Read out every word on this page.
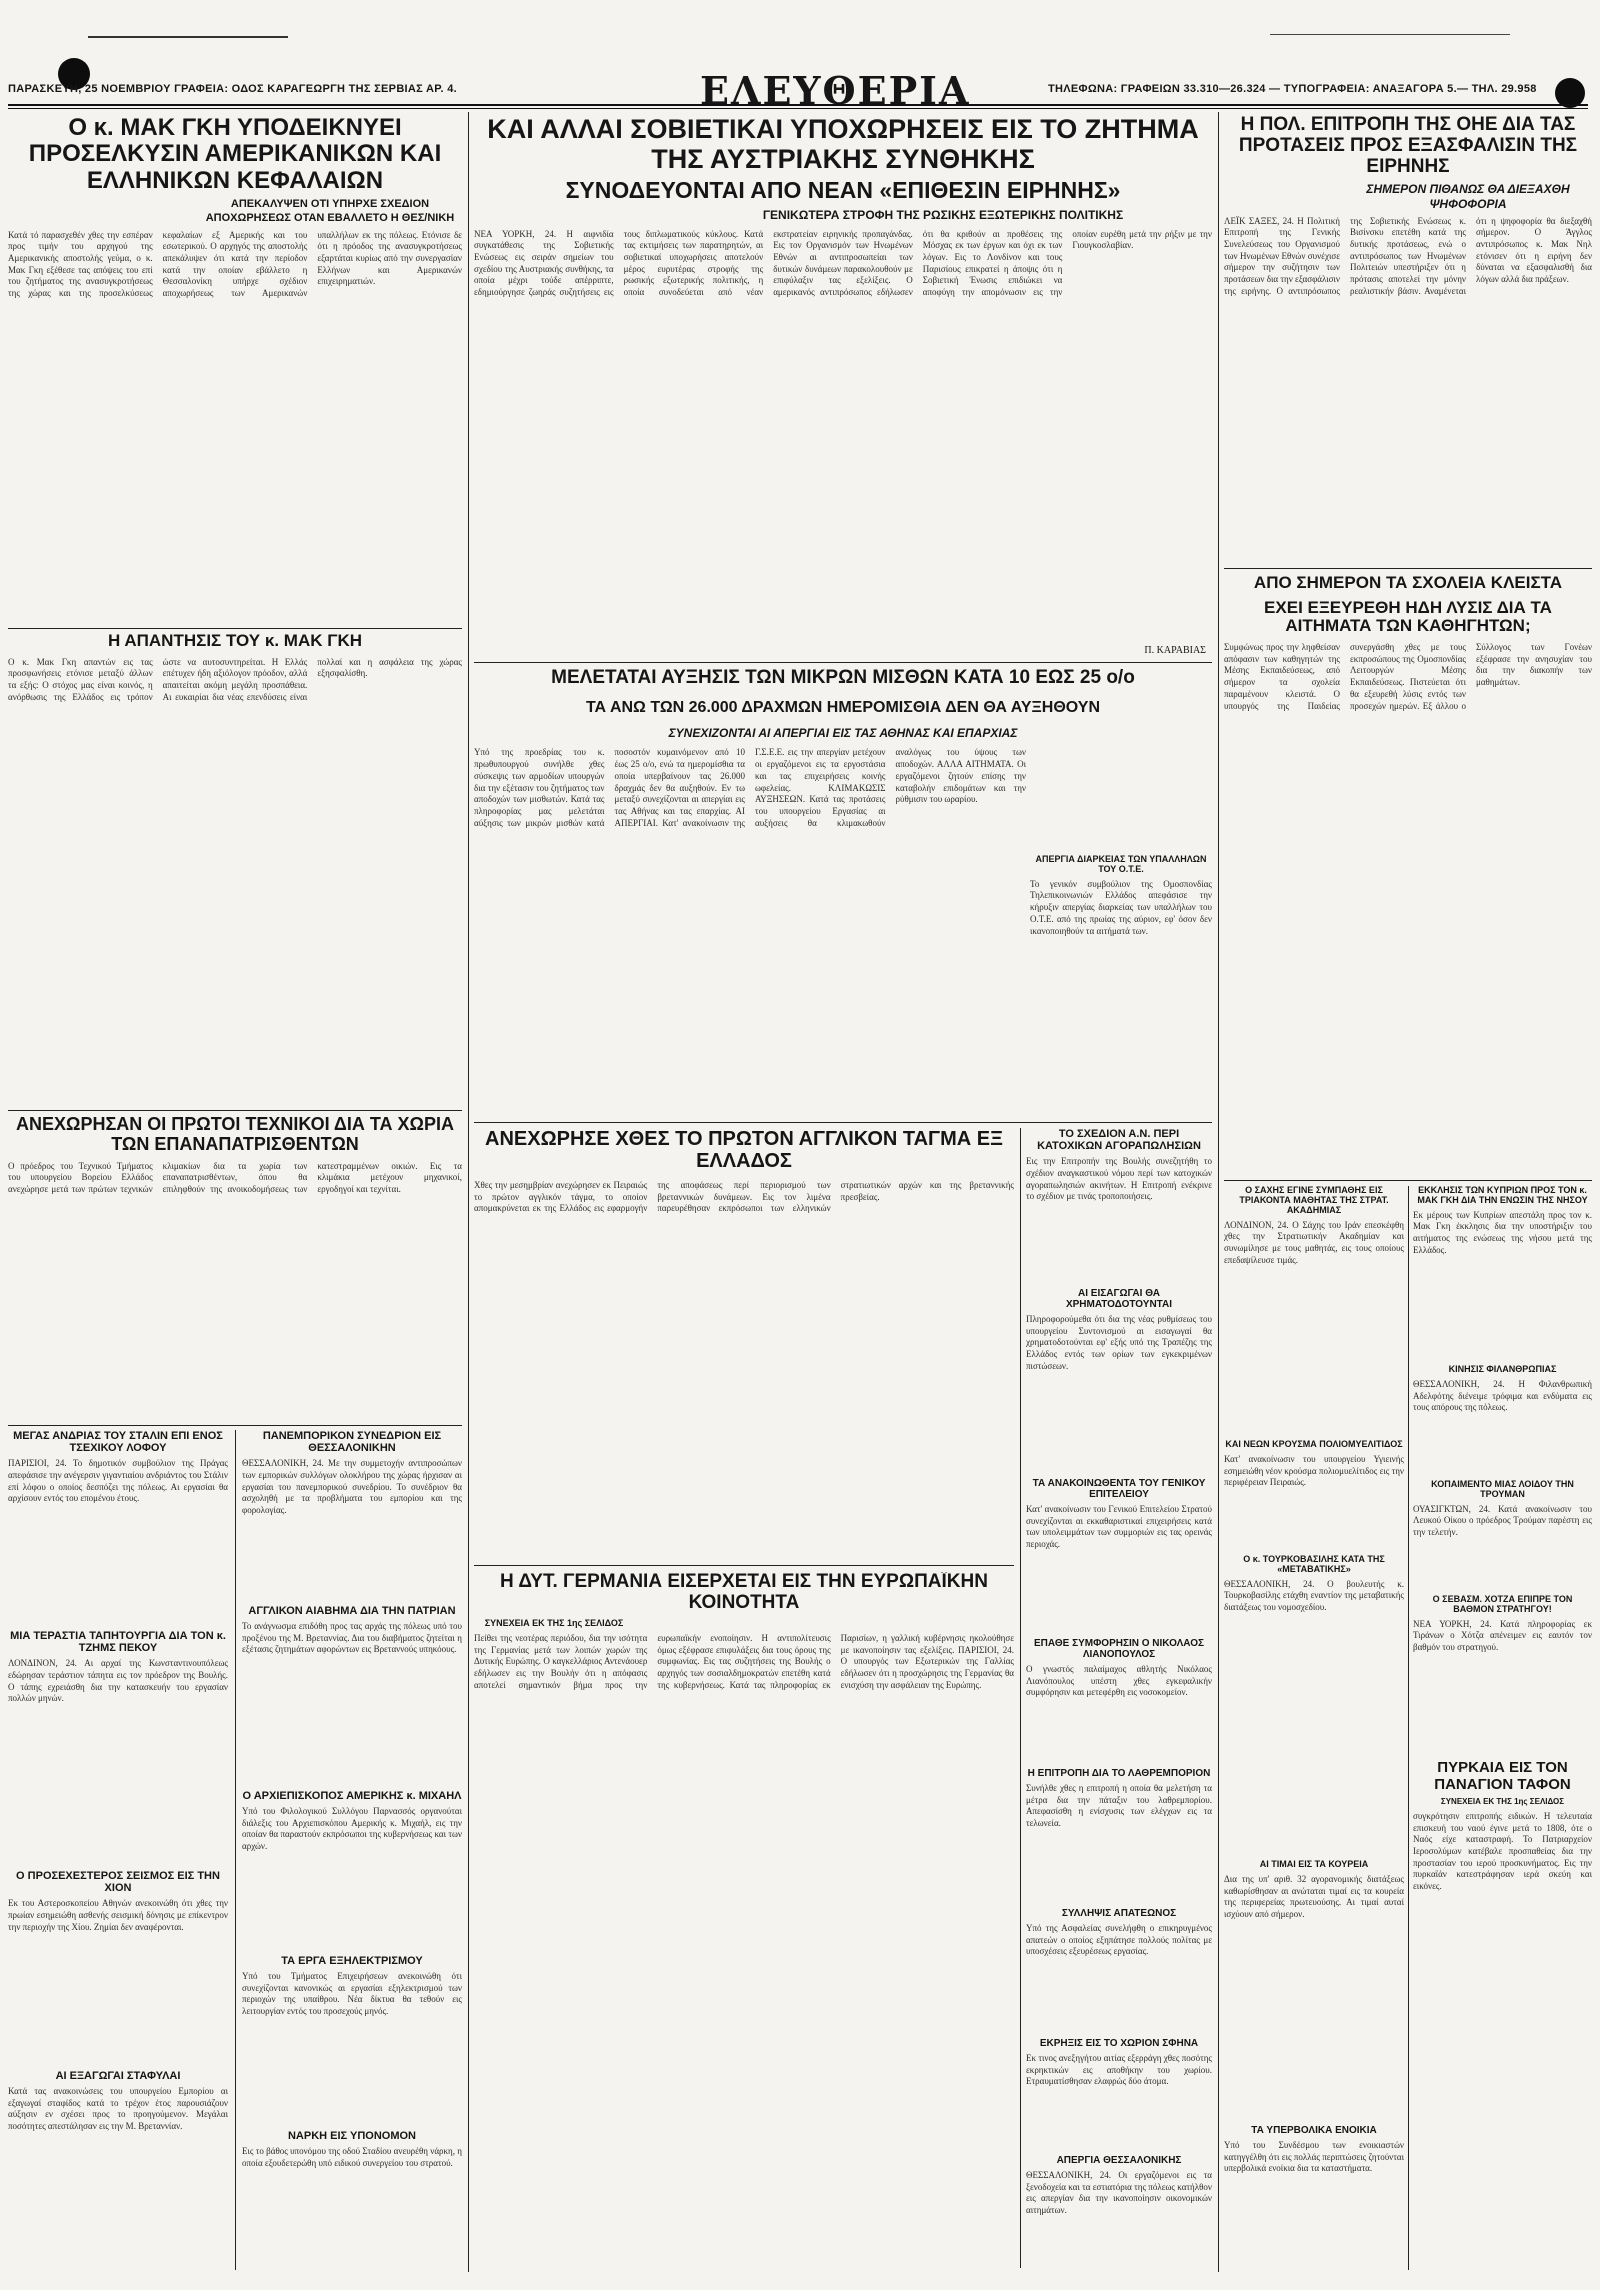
ΠΑΡΑΣΚΕΥΗ, 25 ΝΟΕΜΒΡΙΟΥ ΓΡΑΦΕΙΑ: ΟΔΟΣ ΚΑΡΑΓΕΩΡΓΗ ΤΗΣ ΣΕΡΒΙΑΣ ΑΡ. 4.	ΕΛΕΥΘΕΡΙΑ	ΤΗΛΕΦΩΝΑ: ΓΡΑΦΕΙΩΝ 33.310—26.324 — ΤΥΠΟΓΡΑΦΕΙΑ: ΑΝΑΞΑΓΟΡΑ 5.— ΤΗΛ. 29.958
Ο κ. ΜΑΚ ΓΚΗ ΥΠΟΔΕΙΚΝΥΕΙ ΠΡΟΣΕΛΚΥΣΙΝ ΑΜΕΡΙΚΑΝΙΚΩΝ ΚΑΙ ΕΛΛΗΝΙΚΩΝ ΚΕΦΑΛΑΙΩΝ
ΑΠΕΚΑΛΥΨΕΝ ΟΤΙ ΥΠΗΡΧΕ ΣΧΕΔΙΟΝ ΑΠΟΧΩΡΗΣΕΩΣ ΟΤΑΝ ΕΒΑΛΛΕΤΟ Η ΘΕΣ/ΝΙΚΗ

Κατά τό παρασχεθέν χθες την εσπέραν προς τιμήν του αρχηγού της Αμερικανικής αποστολής γεύμα, ο κ. Μακ Γκη εξέθεσε τας απόψεις του επί του ζητήματος της ανασυγκροτήσεως της χώρας και της προσελκύσεως κεφαλαίων εξ Αμερικής και του εσωτερικού. Ο αρχηγός της αποστολής απεκάλυψεν ότι κατά την περίοδον κατά την οποίαν εβάλλετο η Θεσσαλονίκη υπήρχε σχέδιον αποχωρήσεως των Αμερικανών υπαλλήλων εκ της πόλεως. Ετόνισε δε ότι η πρόοδος της ανασυγκροτήσεως εξαρτάται κυρίως από την συνεργασίαν Ελλήνων και Αμερικανών επιχειρηματιών.

Η ΑΠΑΝΤΗΣΙΣ ΤΟΥ κ. ΜΑΚ ΓΚΗ

Ο κ. Μακ Γκη απαντών εις τας προσφωνήσεις ετόνισε μεταξύ άλλων τα εξής: Ο στόχος μας είναι κοινός, η ανόρθωσις της Ελλάδος εις τρόπον ώστε να αυτοσυντηρείται. Η Ελλάς επέτυχεν ήδη αξιόλογον πρόοδον, αλλά απαιτείται ακόμη μεγάλη προσπάθεια. Αι ευκαιρίαι δια νέας επενδύσεις είναι πολλαί και η ασφάλεια της χώρας εξησφαλίσθη.

ΑΝΕΧΩΡΗΣΑΝ ΟΙ ΠΡΩΤΟΙ ΤΕΧΝΙΚΟΙ ΔΙΑ ΤΑ ΧΩΡΙΑ ΤΩΝ ΕΠΑΝΑΠΑΤΡΙΣΘΕΝΤΩΝ

Ο πρόεδρος του Τεχνικού Τμήματος του υπουργείου Βορείου Ελλάδος ανεχώρησε μετά των πρώτων τεχνικών κλιμακίων δια τα χωρία των επαναπατρισθέντων, όπου θα επιληφθούν της ανοικοδομήσεως των κατεστραμμένων οικιών. Εις τα κλιμάκια μετέχουν μηχανικοί, εργοδηγοί και τεχνίται.

ΜΕΓΑΣ ΑΝΔΡΙΑΣ ΤΟΥ ΣΤΑΛΙΝ ΕΠΙ ΕΝΟΣ ΤΣΕΧΙΚΟΥ ΛΟΦΟΥ

ΠΑΡΙΣΙΟΙ, 24. Το δημοτικόν συμβούλιον της Πράγας απεφάσισε την ανέγερσιν γιγαντιαίου ανδριάντος του Στάλιν επί λόφου ο οποίος δεσπόζει της πόλεως. Αι εργασίαι θα αρχίσουν εντός του επομένου έτους.

ΜΙΑ ΤΕΡΑΣΤΙΑ ΤΑΠΗΤΟΥΡΓΙΑ ΔΙΑ ΤΟΝ κ. ΤΖΗΜΣ ΠΕΚΟΥ

ΛΟΝΔΙΝΟΝ, 24. Αι αρχαί της Κωνσταντινουπόλεως εδώρησαν τεράστιον τάπητα εις τον πρόεδρον της Βουλής. Ο τάπης εχρειάσθη δια την κατασκευήν του εργασίαν πολλών μηνών.

Ο ΠΡΟΣΕΧΕΣΤΕΡΟΣ ΣΕΙΣΜΟΣ ΕΙΣ ΤΗΝ ΧΙΟΝ

Εκ του Αστεροσκοπείου Αθηνών ανεκοινώθη ότι χθες την πρωίαν εσημειώθη ασθενής σεισμική δόνησις με επίκεντρον την περιοχήν της Χίου. Ζημίαι δεν αναφέρονται.

ΑΙ ΕΞΑΓΩΓΑΙ ΣΤΑΦΥΛΑΙ

Κατά τας ανακοινώσεις του υπουργείου Εμπορίου αι εξαγωγαί σταφίδος κατά το τρέχον έτος παρουσιάζουν αύξησιν εν σχέσει προς το προηγούμενον. Μεγάλαι ποσότητες απεστάλησαν εις την Μ. Βρεταννίαν.

ΠΑΝΕΜΠΟΡΙΚΟΝ ΣΥΝΕΔΡΙΟΝ ΕΙΣ ΘΕΣΣΑΛΟΝΙΚΗΝ

ΘΕΣΣΑΛΟΝΙΚΗ, 24. Με την συμμετοχήν αντιπροσώπων των εμπορικών συλλόγων ολοκλήρου της χώρας ήρχισαν αι εργασίαι του πανεμπορικού συνεδρίου. Το συνέδριον θα ασχοληθή με τα προβλήματα του εμπορίου και της φορολογίας.

ΑΓΓΛΙΚΟΝ ΑΙΑΒΗΜΑ ΔΙΑ ΤΗΝ ΠΑΤΡΙΑΝ

Το ανάγνωσμα επιδόθη προς τας αρχάς της πόλεως υπό του προξένου της Μ. Βρεταννίας. Δια του διαβήματος ζητείται η εξέτασις ζητημάτων αφορώντων εις Βρεταννούς υπηκόους.

Ο ΑΡΧΙΕΠΙΣΚΟΠΟΣ ΑΜΕΡΙΚΗΣ κ. ΜΙΧΑΗΛ

Υπό του Φιλολογικού Συλλόγου Παρνασσός οργανούται διάλεξις του Αρχιεπισκόπου Αμερικής κ. Μιχαήλ, εις την οποίαν θα παραστούν εκπρόσωποι της κυβερνήσεως και των αρχών.

ΤΑ ΕΡΓΑ ΕΞΗΛΕΚΤΡΙΣΜΟΥ

Υπό του Τμήματος Επιχειρήσεων ανεκοινώθη ότι συνεχίζονται κανονικώς αι εργασίαι εξηλεκτρισμού των περιοχών της υπαίθρου. Νέα δίκτυα θα τεθούν εις λειτουργίαν εντός του προσεχούς μηνός.

ΝΑΡΚΗ ΕΙΣ ΥΠΟΝΟΜΟΝ

Εις το βάθος υπονόμου της οδού Σταδίου ανευρέθη νάρκη, η οποία εξουδετερώθη υπό ειδικού συνεργείου του στρατού.

ΚΑΙ ΑΛΛΑΙ ΣΟΒΙΕΤΙΚΑΙ ΥΠΟΧΩΡΗΣΕΙΣ ΕΙΣ ΤΟ ΖΗΤΗΜΑ ΤΗΣ ΑΥΣΤΡΙΑΚΗΣ ΣΥΝΘΗΚΗΣ
ΣΥΝΟΔΕΥΟΝΤΑΙ ΑΠΟ ΝΕΑΝ «ΕΠΙΘΕΣΙΝ ΕΙΡΗΝΗΣ»
ΓΕΝΙΚΩΤΕΡΑ ΣΤΡΟΦΗ ΤΗΣ ΡΩΣΙΚΗΣ ΕΞΩΤΕΡΙΚΗΣ ΠΟΛΙΤΙΚΗΣ

ΝΕΑ ΥΟΡΚΗ, 24. Η αιφνιδία συγκατάθεσις της Σοβιετικής Ενώσεως εις σειράν σημείων του σχεδίου της Αυστριακής συνθήκης, τα οποία μέχρι τούδε απέρριπτε, εδημιούργησε ζωηράς συζητήσεις εις τους διπλωματικούς κύκλους. Κατά τας εκτιμήσεις των παρατηρητών, αι σοβιετικαί υποχωρήσεις αποτελούν μέρος ευρυτέρας στροφής της ρωσικής εξωτερικής πολιτικής, η οποία συνοδεύεται από νέαν εκστρατείαν ειρηνικής προπαγάνδας. Εις τον Οργανισμόν των Ηνωμένων Εθνών αι αντιπροσωπείαι των δυτικών δυνάμεων παρακολουθούν με επιφύλαξιν τας εξελίξεις. Ο αμερικανός αντιπρόσωπος εδήλωσεν ότι θα κριθούν αι προθέσεις της Μόσχας εκ των έργων και όχι εκ των λόγων. Εις το Λονδίνον και τους Παρισίους επικρατεί η άποψις ότι η Σοβιετική Ένωσις επιδιώκει να αποφύγη την απομόνωσιν εις την οποίαν ευρέθη μετά την ρήξιν με την Γιουγκοσλαβίαν.

Π. ΚΑΡΑΒΙΑΣ
ΜΕΛΕΤΑΤΑΙ ΑΥΞΗΣΙΣ ΤΩΝ ΜΙΚΡΩΝ ΜΙΣΘΩΝ ΚΑΤΑ 10 ΕΩΣ 25 ο/ο
ΤΑ ΑΝΩ ΤΩΝ 26.000 ΔΡΑΧΜΩΝ ΗΜΕΡΟΜΙΣΘΙΑ ΔΕΝ ΘΑ ΑΥΞΗΘΟΥΝ
ΣΥΝΕΧΙΖΟΝΤΑΙ ΑΙ ΑΠΕΡΓΙΑΙ ΕΙΣ ΤΑΣ ΑΘΗΝΑΣ ΚΑΙ ΕΠΑΡΧΙΑΣ

Υπό της προεδρίας του κ. πρωθυπουργού συνήλθε χθες σύσκεψις των αρμοδίων υπουργών δια την εξέτασιν του ζητήματος των αποδοχών των μισθωτών. Κατά τας πληροφορίας μας μελετάται αύξησις των μικρών μισθών κατά ποσοστόν κυμαινόμενον από 10 έως 25 ο/ο, ενώ τα ημερομίσθια τα οποία υπερβαίνουν τας 26.000 δραχμάς δεν θα αυξηθούν. Εν τω μεταξύ συνεχίζονται αι απεργίαι εις τας Αθήνας και τας επαρχίας. ΑΙ ΑΠΕΡΓΙΑΙ. Κατ' ανακοίνωσιν της Γ.Σ.Ε.Ε. εις την απεργίαν μετέχουν οι εργαζόμενοι εις τα εργοστάσια και τας επιχειρήσεις κοινής ωφελείας. ΚΛΙΜΑΚΩΣΙΣ ΑΥΞΗΣΕΩΝ. Κατά τας προτάσεις του υπουργείου Εργασίας αι αυξήσεις θα κλιμακωθούν αναλόγως του ύψους των αποδοχών. ΑΛΛΑ ΑΙΤΗΜΑΤΑ. Οι εργαζόμενοι ζητούν επίσης την καταβολήν επιδομάτων και την ρύθμισιν του ωραρίου.

ΑΠΕΡΓΙΑ ΔΙΑΡΚΕΙΑΣ ΤΩΝ ΥΠΑΛΛΗΛΩΝ ΤΟΥ Ο.Τ.Ε.

Το γενικόν συμβούλιον της Ομοσπονδίας Τηλεπικοινωνιών Ελλάδος απεφάσισε την κήρυξιν απεργίας διαρκείας των υπαλλήλων του Ο.Τ.Ε. από της πρωίας της αύριον, εφ' όσον δεν ικανοποιηθούν τα αιτήματά των.

ΑΝΕΧΩΡΗΣΕ ΧΘΕΣ ΤΟ ΠΡΩΤΟΝ ΑΓΓΛΙΚΟΝ ΤΑΓΜΑ ΕΞ ΕΛΛΑΔΟΣ

Χθες την μεσημβρίαν ανεχώρησεν εκ Πειραιώς το πρώτον αγγλικόν τάγμα, το οποίον απομακρύνεται εκ της Ελλάδος εις εφαρμογήν της αποφάσεως περί περιορισμού των βρεταννικών δυνάμεων. Εις τον λιμένα παρευρέθησαν εκπρόσωποι των ελληνικών στρατιωτικών αρχών και της βρεταννικής πρεσβείας.

ΤΟ ΣΧΕΔΙΟΝ Α.Ν. ΠΕΡΙ ΚΑΤΟΧΙΚΩΝ ΑΓΟΡΑΠΩΛΗΣΙΩΝ

Εις την Επιτροπήν της Βουλής συνεζητήθη το σχέδιον αναγκαστικού νόμου περί των κατοχικών αγοραπωλησιών ακινήτων. Η Επιτροπή ενέκρινε το σχέδιον με τινάς τροποποιήσεις.

ΑΙ ΕΙΣΑΓΩΓΑΙ ΘΑ ΧΡΗΜΑΤΟΔΟΤΟΥΝΤΑΙ

Πληροφορούμεθα ότι δια της νέας ρυθμίσεως του υπουργείου Συντονισμού αι εισαγωγαί θα χρηματοδοτούνται εφ' εξής υπό της Τραπέζης της Ελλάδος εντός των ορίων των εγκεκριμένων πιστώσεων.

ΤΑ ΑΝΑΚΟΙΝΩΘΕΝΤΑ ΤΟΥ ΓΕΝΙΚΟΥ ΕΠΙΤΕΛΕΙΟΥ

Κατ' ανακοίνωσιν του Γενικού Επιτελείου Στρατού συνεχίζονται αι εκκαθαριστικαί επιχειρήσεις κατά των υπολειμμάτων των συμμοριών εις τας ορεινάς περιοχάς.

ΕΠΑΘΕ ΣΥΜΦΟΡΗΣΙΝ Ο ΝΙΚΟΛΑΟΣ ΛΙΑΝΟΠΟΥΛΟΣ

Ο γνωστός παλαίμαχος αθλητής Νικόλαος Λιανόπουλος υπέστη χθες εγκεφαλικήν συμφόρησιν και μετεφέρθη εις νοσοκομείον.

Η ΕΠΙΤΡΟΠΗ ΔΙΑ ΤΟ ΛΑΘΡΕΜΠΟΡΙΟΝ

Συνήλθε χθες η επιτροπή η οποία θα μελετήση τα μέτρα δια την πάταξιν του λαθρεμπορίου. Απεφασίσθη η ενίσχυσις των ελέγχων εις τα τελωνεία.

ΣΥΛΛΗΨΙΣ ΑΠΑΤΕΩΝΟΣ

Υπό της Ασφαλείας συνελήφθη ο επικηρυγμένος απατεών ο οποίος εξηπάτησε πολλούς πολίτας με υποσχέσεις εξευρέσεως εργασίας.

ΕΚΡΗΞΙΣ ΕΙΣ ΤΟ ΧΩΡΙΟΝ ΣΦΗΝΑ

Εκ τινος ανεξηγήτου αιτίας εξερράγη χθες ποσότης εκρηκτικών εις αποθήκην του χωρίου. Ετραυματίσθησαν ελαφρώς δύο άτομα.

ΑΠΕΡΓΙΑ ΘΕΣΣΑΛΟΝΙΚΗΣ

ΘΕΣΣΑΛΟΝΙΚΗ, 24. Οι εργαζόμενοι εις τα ξενοδοχεία και τα εστιατόρια της πόλεως κατήλθον εις απεργίαν δια την ικανοποίησιν οικονομικών αιτημάτων.

Η ΔΥΤ. ΓΕΡΜΑΝΙΑ ΕΙΣΕΡΧΕΤΑΙ ΕΙΣ ΤΗΝ ΕΥΡΩΠΑΪΚΗΝ ΚΟΙΝΟΤΗΤΑ
ΣΥΝΕΧΕΙΑ ΕΚ ΤΗΣ 1ης ΣΕΛΙΔΟΣ

Πείθει της νεοτέρας περιόδου, δια την ισότητα της Γερμανίας μετά των λοιπών χωρών της Δυτικής Ευρώπης. Ο καγκελλάριος Αντενάουερ εδήλωσεν εις την Βουλήν ότι η απόφασις αποτελεί σημαντικόν βήμα προς την ευρωπαϊκήν ενοποίησιν. Η αντιπολίτευσις όμως εξέφρασε επιφυλάξεις δια τους όρους της συμφωνίας. Εις τας συζητήσεις της Βουλής ο αρχηγός των σοσιαλδημοκρατών επετέθη κατά της κυβερνήσεως. Κατά τας πληροφορίας εκ Παρισίων, η γαλλική κυβέρνησις ηκολούθησε με ικανοποίησιν τας εξελίξεις. ΠΑΡΙΣΙΟΙ, 24. Ο υπουργός των Εξωτερικών της Γαλλίας εδήλωσεν ότι η προσχώρησις της Γερμανίας θα ενισχύση την ασφάλειαν της Ευρώπης.

Η ΠΟΛ. ΕΠΙΤΡΟΠΗ ΤΗΣ ΟΗΕ ΔΙΑ ΤΑΣ ΠΡΟΤΑΣΕΙΣ ΠΡΟΣ ΕΞΑΣΦΑΛΙΣΙΝ ΤΗΣ ΕΙΡΗΝΗΣ
ΣΗΜΕΡΟΝ ΠΙΘΑΝΩΣ ΘΑ ΔΙΕΞΑΧΘΗ ΨΗΦΟΦΟΡΙΑ

ΛΕΪΚ ΣΑΞΕΣ, 24. Η Πολιτική Επιτροπή της Γενικής Συνελεύσεως του Οργανισμού των Ηνωμένων Εθνών συνέχισε σήμερον την συζήτησιν των προτάσεων δια την εξασφάλισιν της ειρήνης. Ο αντιπρόσωπος της Σοβιετικής Ενώσεως κ. Βισίνσκυ επετέθη κατά της δυτικής προτάσεως, ενώ ο αντιπρόσωπος των Ηνωμένων Πολιτειών υπεστήριξεν ότι η πρότασις αποτελεί την μόνην ρεαλιστικήν βάσιν. Αναμένεται ότι η ψηφοφορία θα διεξαχθή σήμερον. Ο Άγγλος αντιπρόσωπος κ. Μακ Νηλ ετόνισεν ότι η ειρήνη δεν δύναται να εξασφαλισθή δια λόγων αλλά δια πράξεων.

ΑΠΟ ΣΗΜΕΡΟΝ ΤΑ ΣΧΟΛΕΙΑ ΚΛΕΙΣΤΑ
ΕΧΕΙ ΕΞΕΥΡΕΘΗ ΗΔΗ ΛΥΣΙΣ ΔΙΑ ΤΑ ΑΙΤΗΜΑΤΑ ΤΩΝ ΚΑΘΗΓΗΤΩΝ;

Συμφώνως προς την ληφθείσαν απόφασιν των καθηγητών της Μέσης Εκπαιδεύσεως, από σήμερον τα σχολεία παραμένουν κλειστά. Ο υπουργός της Παιδείας συνεργάσθη χθες με τους εκπροσώπους της Ομοσπονδίας Λειτουργών Μέσης Εκπαιδεύσεως. Πιστεύεται ότι θα εξευρεθή λύσις εντός των προσεχών ημερών. Εξ άλλου ο Σύλλογος των Γονέων εξέφρασε την ανησυχίαν του δια την διακοπήν των μαθημάτων.

Ο ΣΑΧΗΣ ΕΓΙΝΕ ΣΥΜΠΑΘΗΣ ΕΙΣ ΤΡΙΑΚΟΝΤΑ ΜΑΘΗΤΑΣ ΤΗΣ ΣΤΡΑΤ. ΑΚΑΔΗΜΙΑΣ

ΛΟΝΔΙΝΟΝ, 24. Ο Σάχης του Ιράν επεσκέφθη χθες την Στρατιωτικήν Ακαδημίαν και συνωμίλησε με τους μαθητάς, εις τους οποίους επεδαψίλευσε τιμάς.

ΚΑΙ ΝΕΩΝ ΚΡΟΥΣΜΑ ΠΟΛΙΟΜΥΕΛΙΤΙΔΟΣ

Κατ' ανακοίνωσιν του υπουργείου Υγιεινής εσημειώθη νέον κρούσμα πολιομυελίτιδος εις την περιφέρειαν Πειραιώς.

Ο κ. ΤΟΥΡΚΟΒΑΣΙΛΗΣ ΚΑΤΑ ΤΗΣ «ΜΕΤΑΒΑΤΙΚΗΣ»

ΘΕΣΣΑΛΟΝΙΚΗ, 24. Ο βουλευτής κ. Τουρκοβασίλης ετάχθη εναντίον της μεταβατικής διατάξεως του νομοσχεδίου.

ΑΙ ΤΙΜΑΙ ΕΙΣ ΤΑ ΚΟΥΡΕΙΑ

Δια της υπ' αριθ. 32 αγορανομικής διατάξεως καθωρίσθησαν αι ανώταται τιμαί εις τα κουρεία της περιφερείας πρωτευούσης. Αι τιμαί αυταί ισχύουν από σήμερον.

ΤΑ ΥΠΕΡΒΟΛΙΚΑ ΕΝΟΙΚΙΑ

Υπό του Συνδέσμου των ενοικιαστών κατηγγέλθη ότι εις πολλάς περιπτώσεις ζητούνται υπερβολικά ενοίκια δια τα καταστήματα.

ΕΚΚΛΗΣΙΣ ΤΩΝ ΚΥΠΡΙΩΝ ΠΡΟΣ ΤΟΝ κ. ΜΑΚ ΓΚΗ ΔΙΑ ΤΗΝ ΕΝΩΣΙΝ ΤΗΣ ΝΗΣΟΥ

Εκ μέρους των Κυπρίων απεστάλη προς τον κ. Μακ Γκη έκκλησις δια την υποστήριξιν του αιτήματος της ενώσεως της νήσου μετά της Ελλάδος.

ΚΙΝΗΣΙΣ ΦΙΛΑΝΘΡΩΠΙΑΣ

ΘΕΣΣΑΛΟΝΙΚΗ, 24. Η Φιλανθρωπική Αδελφότης διένειμε τρόφιμα και ενδύματα εις τους απόρους της πόλεως.

ΚΟΠΑΙΜΕΝΤΟ ΜΙΑΣ ΛΟΙΔΟΥ ΤΗΝ ΤΡΟΥΜΑΝ

ΟΥΑΣΙΓΚΤΩΝ, 24. Κατά ανακοίνωσιν του Λευκού Οίκου ο πρόεδρος Τρούμαν παρέστη εις την τελετήν.

Ο ΣΕΒΑΣΜ. ΧΟΤΖΑ ΕΠΙΠΡΕ ΤΟΝ ΒΑΘΜΟΝ ΣΤΡΑΤΗΓΟΥ!

ΝΕΑ ΥΟΡΚΗ, 24. Κατά πληροφορίας εκ Τιράνων ο Χότζα απένειμεν εις εαυτόν τον βαθμόν του στρατηγού.

ΠΥΡΚΑΙΑ ΕΙΣ ΤΟΝ ΠΑΝΑΓΙΟΝ ΤΑΦΟΝ
ΣΥΝΕΧΕΙΑ ΕΚ ΤΗΣ 1ης ΣΕΛΙΔΟΣ

συγκρότησιν επιτροπής ειδικών. Η τελευταία επισκευή του ναού έγινε μετά το 1808, ότε ο Ναός είχε καταστραφή. Το Πατριαρχείον Ιεροσολύμων κατέβαλε προσπαθείας δια την προστασίαν του ιερού προσκυνήματος. Εις την πυρκαϊάν κατεστράφησαν ιερά σκεύη και εικόνες.
